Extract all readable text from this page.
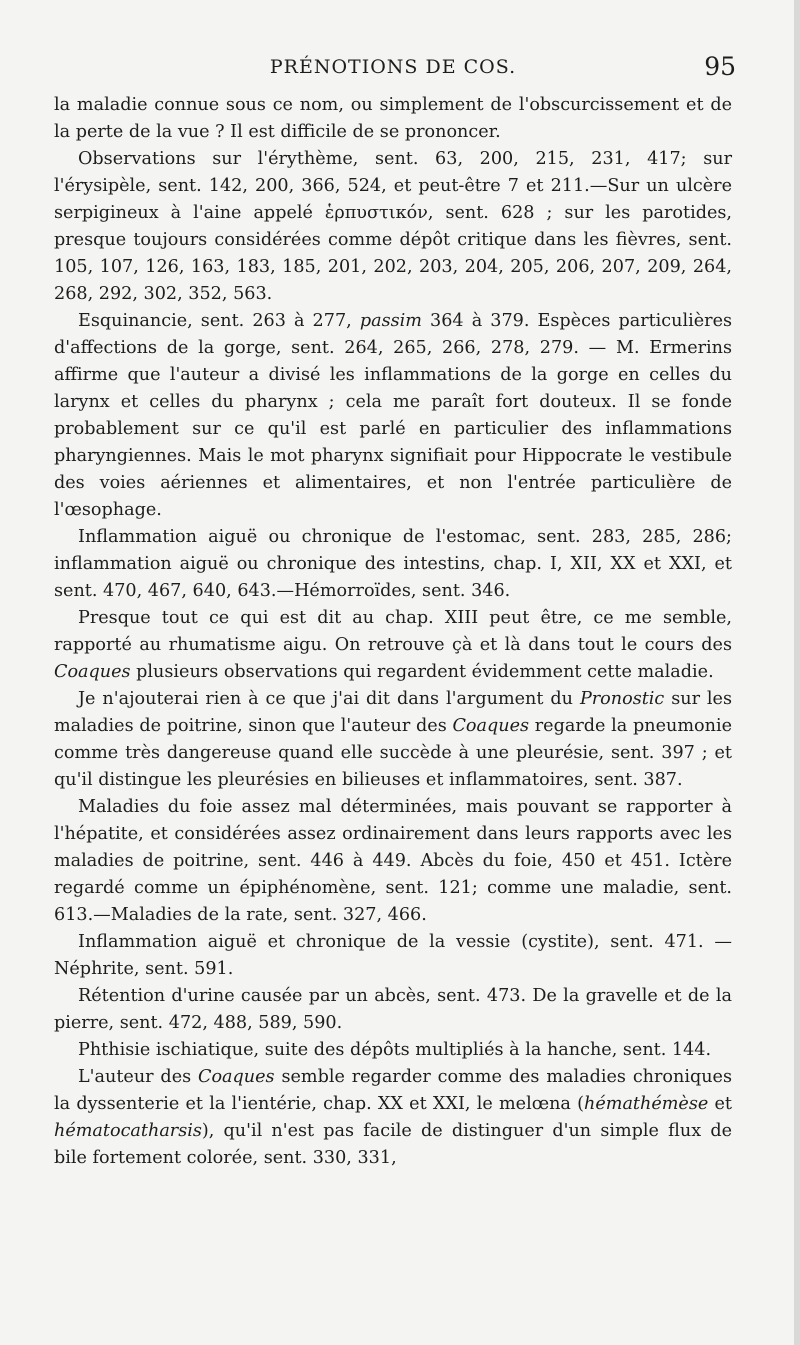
PRÉNOTIONS DE COS.	95

la maladie connue sous ce nom, ou simplement de l'obscurcissement et de la perte de la vue ? Il est difficile de se prononcer.

Observations sur l'érythème, sent. 63, 200, 215, 231, 417; sur l'érysipèle, sent. 142, 200, 366, 524, et peut-être 7 et 211.—Sur un ulcère serpigineux à l'aine appelé ἑρπυστικόν, sent. 628 ; sur les parotides, presque toujours considérées comme dépôt critique dans les fièvres, sent. 105, 107, 126, 163, 183, 185, 201, 202, 203, 204, 205, 206, 207, 209, 264, 268, 292, 302, 352, 563.

Esquinancie, sent. 263 à 277, passim 364 à 379. Espèces particulières d'affections de la gorge, sent. 264, 265, 266, 278, 279. — M. Ermerins affirme que l'auteur a divisé les inflammations de la gorge en celles du larynx et celles du pharynx ; cela me paraît fort douteux. Il se fonde probablement sur ce qu'il est parlé en particulier des inflammations pharyngiennes. Mais le mot pharynx signifiait pour Hippocrate le vestibule des voies aériennes et alimentaires, et non l'entrée particulière de l'œsophage.

Inflammation aiguë ou chronique de l'estomac, sent. 283, 285, 286; inflammation aiguë ou chronique des intestins, chap. I, XII, XX et XXI, et sent. 470, 467, 640, 643.—Hémorroïdes, sent. 346.

Presque tout ce qui est dit au chap. XIII peut être, ce me semble, rapporté au rhumatisme aigu. On retrouve çà et là dans tout le cours des Coaques plusieurs observations qui regardent évidemment cette maladie.

Je n'ajouterai rien à ce que j'ai dit dans l'argument du Pronostic sur les maladies de poitrine, sinon que l'auteur des Coaques regarde la pneumonie comme très dangereuse quand elle succède à une pleurésie, sent. 397 ; et qu'il distingue les pleurésies en bilieuses et inflammatoires, sent. 387.

Maladies du foie assez mal déterminées, mais pouvant se rapporter à l'hépatite, et considérées assez ordinairement dans leurs rapports avec les maladies de poitrine, sent. 446 à 449. Abcès du foie, 450 et 451. Ictère regardé comme un épiphénomène, sent. 121; comme une maladie, sent. 613.—Maladies de la rate, sent. 327, 466.

Inflammation aiguë et chronique de la vessie (cystite), sent. 471. —Néphrite, sent. 591.

Rétention d'urine causée par un abcès, sent. 473. De la gravelle et de la pierre, sent. 472, 488, 589, 590.

Phthisie ischiatique, suite des dépôts multipliés à la hanche, sent. 144.

L'auteur des Coaques semble regarder comme des maladies chroniques la dyssenterie et la l'ientérie, chap. XX et XXI, le melœna (hémathémèse et hématocatharsis), qu'il n'est pas facile de distinguer d'un simple flux de bile fortement colorée, sent. 330, 331,
